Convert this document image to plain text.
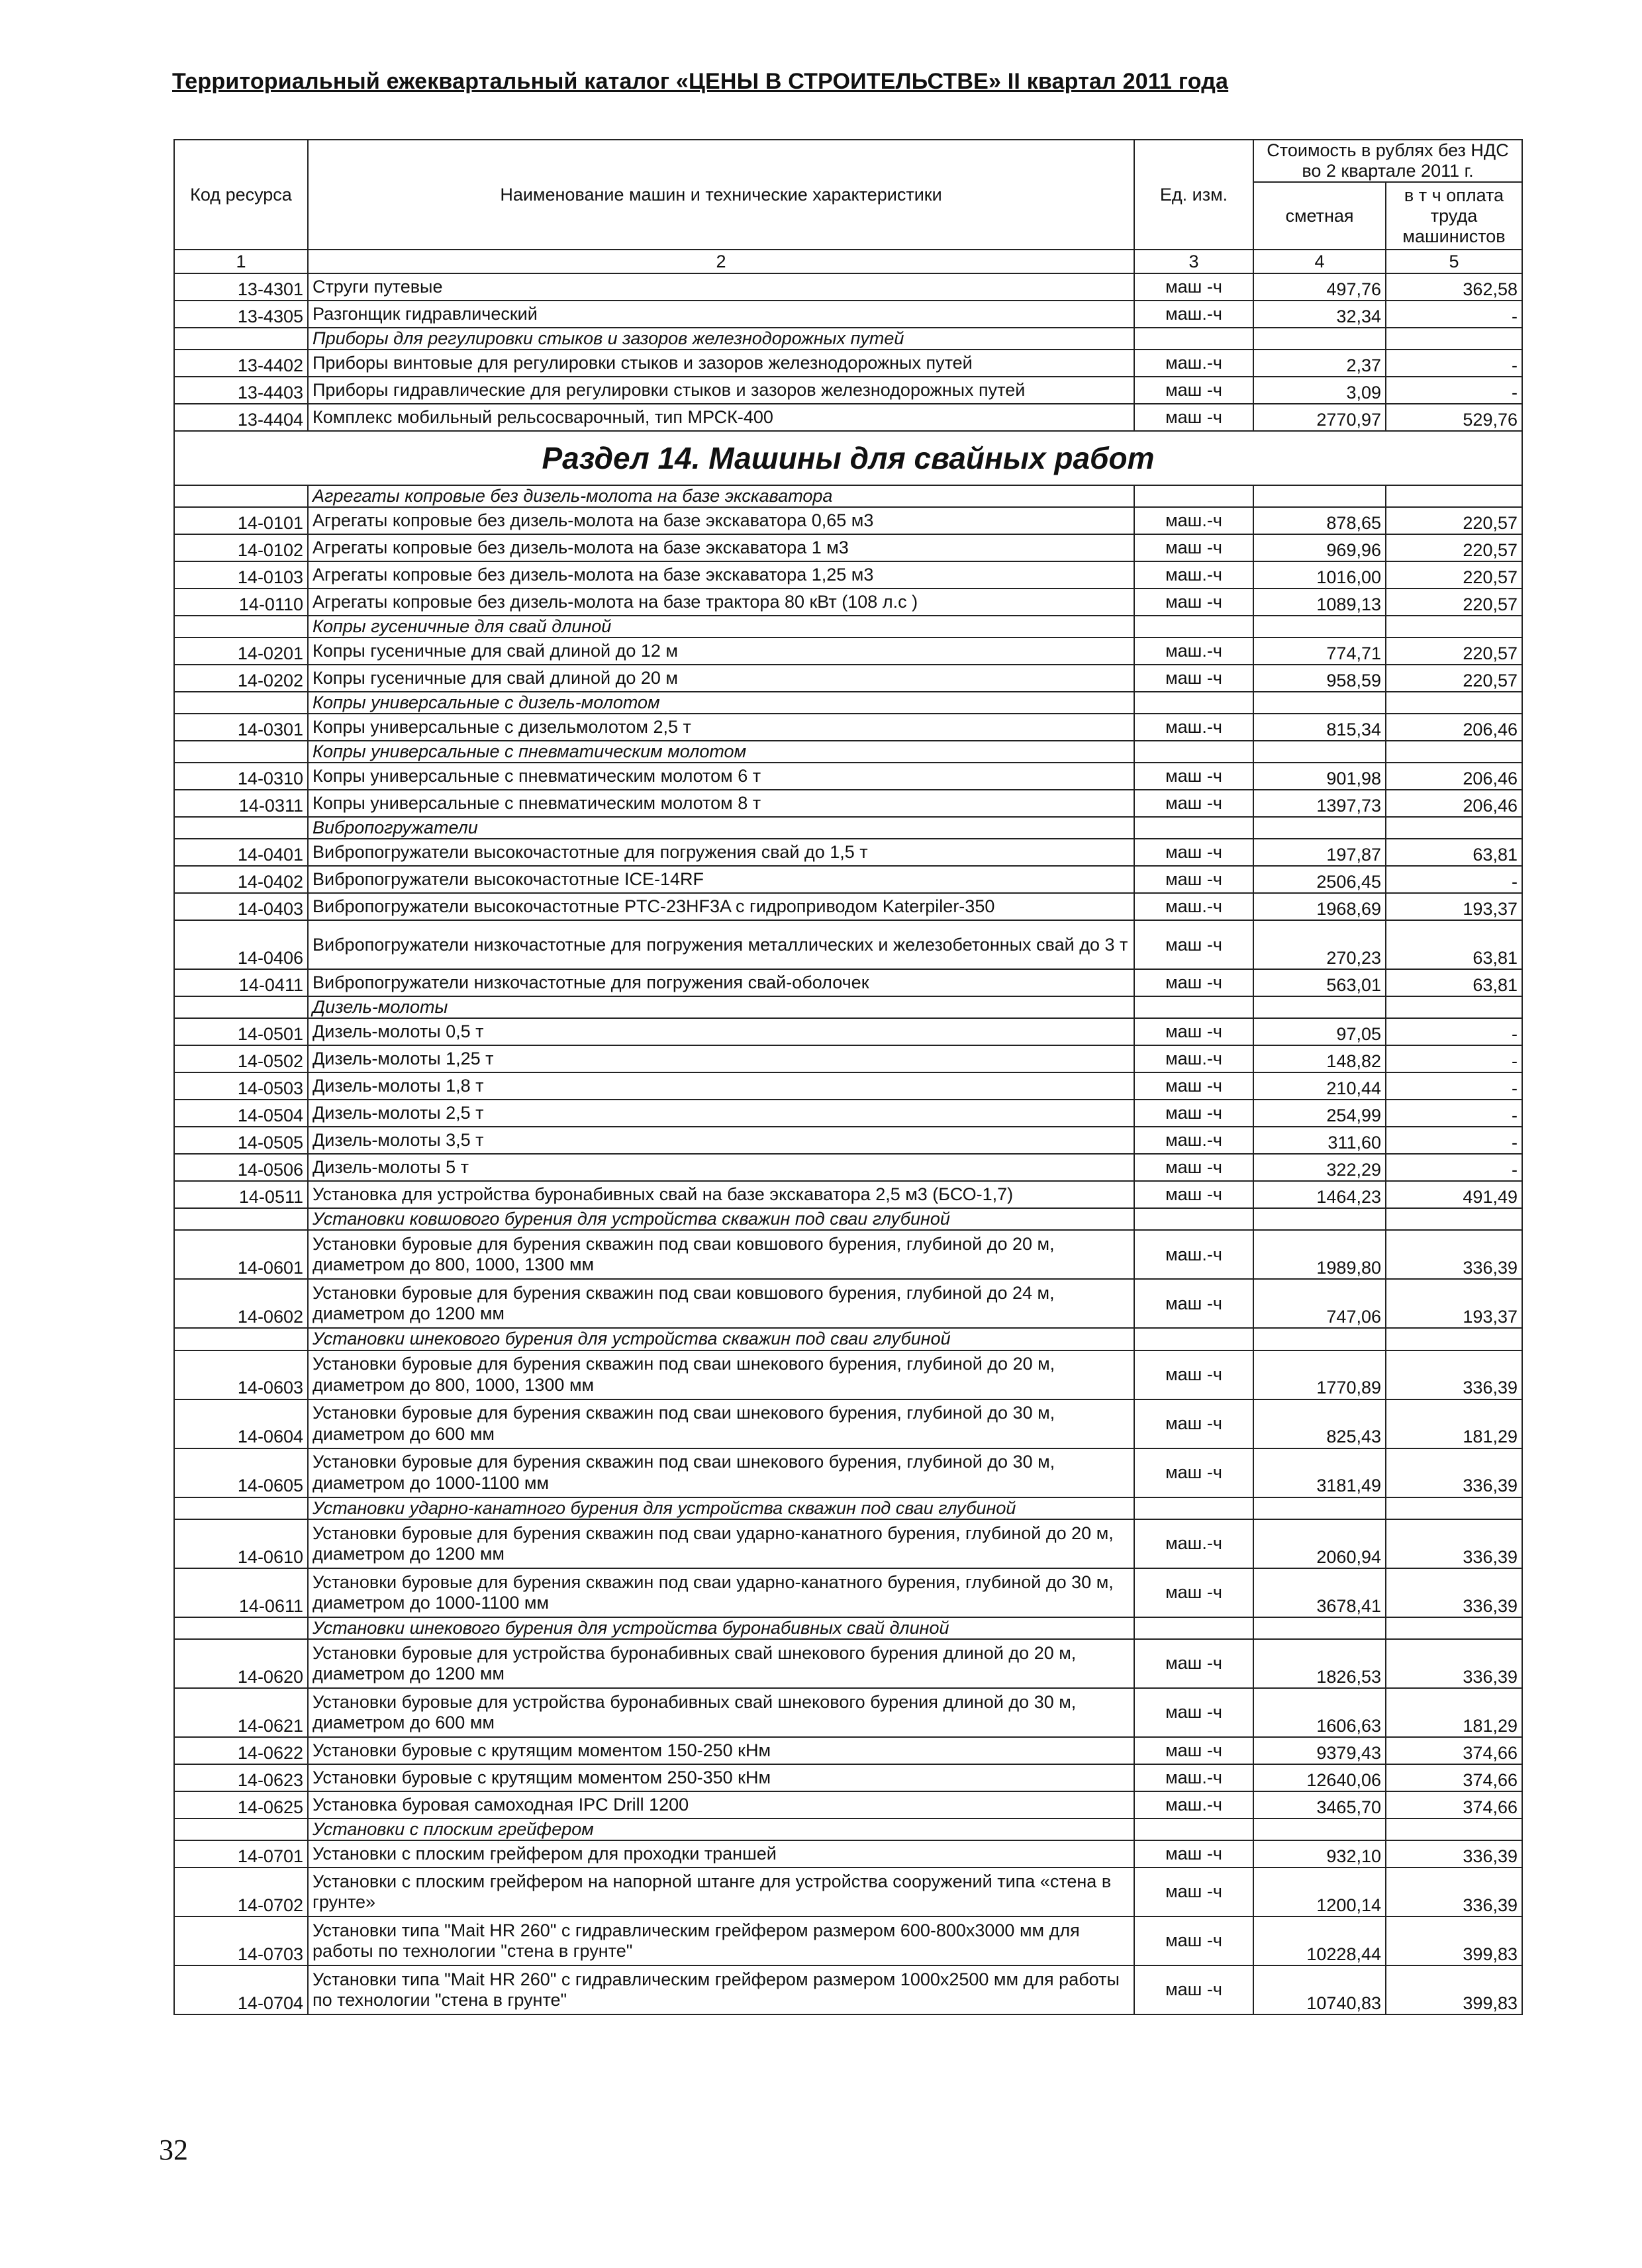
Территориальный ежеквартальный каталог «ЦЕНЫ В СТРОИТЕЛЬСТВЕ» II квартал 2011 года
Код ресурса	Наименование машин и технические характеристики	Ед. изм.	Стоимость в рублях без НДС во 2 квартале 2011 г.	
			сметная	в т ч оплата труда машинистов
1	2	3	4	5
13-4301	Струги путевые	маш -ч	497,76	362,58
13-4305	Разгонщик гидравлический	маш.-ч	32,34	-
	Приборы для регулировки стыков и зазоров железнодорожных путей			
13-4402	Приборы винтовые для регулировки стыков и зазоров железнодорожных путей	маш.-ч	2,37	-
13-4403	Приборы гидравлические для регулировки стыков и зазоров железнодорожных путей	маш -ч	3,09	-
13-4404	Комплекс мобильный рельсосварочный, тип МРСК-400	маш -ч	2770,97	529,76
Раздел 14. Машины для свайных работ				
	Агрегаты копровые без дизель-молота на базе экскаватора			
14-0101	Агрегаты копровые без дизель-молота на базе экскаватора 0,65 м3	маш.-ч	878,65	220,57
14-0102	Агрегаты копровые без дизель-молота на базе экскаватора 1 м3	маш -ч	969,96	220,57
14-0103	Агрегаты копровые без дизель-молота на базе экскаватора 1,25 м3	маш.-ч	1016,00	220,57
14-0110	Агрегаты копровые без дизель-молота на базе трактора 80 кВт (108 л.с )	маш -ч	1089,13	220,57
	Копры гусеничные для свай длиной			
14-0201	Копры гусеничные для свай длиной до 12 м	маш.-ч	774,71	220,57
14-0202	Копры гусеничные для свай длиной до 20 м	маш -ч	958,59	220,57
	Копры универсальные с дизель-молотом			
14-0301	Копры универсальные с дизельмолотом 2,5 т	маш.-ч	815,34	206,46
	Копры универсальные с пневматическим молотом			
14-0310	Копры универсальные с пневматическим молотом 6 т	маш -ч	901,98	206,46
14-0311	Копры универсальные с пневматическим молотом 8 т	маш -ч	1397,73	206,46
	Вибропогружатели			
14-0401	Вибропогружатели высокочастотные для погружения свай до 1,5 т	маш -ч	197,87	63,81
14-0402	Вибропогружатели высокочастотные ICE-14RF	маш -ч	2506,45	-
14-0403	Вибропогружатели высокочастотные PTC-23HF3A с гидроприводом Katerpiler-350	маш.-ч	1968,69	193,37
14-0406	Вибропогружатели низкочастотные для погружения металлических и железобетонных свай до 3 т	маш -ч	270,23	63,81
14-0411	Вибропогружатели низкочастотные для погружения свай-оболочек	маш -ч	563,01	63,81
	Дизель-молоты			
14-0501	Дизель-молоты 0,5 т	маш -ч	97,05	-
14-0502	Дизель-молоты 1,25 т	маш.-ч	148,82	-
14-0503	Дизель-молоты 1,8 т	маш -ч	210,44	-
14-0504	Дизель-молоты 2,5 т	маш -ч	254,99	-
14-0505	Дизель-молоты 3,5 т	маш.-ч	311,60	-
14-0506	Дизель-молоты 5 т	маш -ч	322,29	-
14-0511	Установка для устройства буронабивных свай на базе экскаватора 2,5 м3 (БСО-1,7)	маш -ч	1464,23	491,49
	Установки ковшового бурения для устройства скважин под сваи глубиной			
14-0601	Установки буровые для бурения скважин под сваи ковшового бурения, глубиной до 20 м, диаметром до 800, 1000, 1300 мм	маш.-ч	1989,80	336,39
14-0602	Установки буровые для бурения скважин под сваи ковшового бурения, глубиной до 24 м, диаметром до 1200 мм	маш -ч	747,06	193,37
	Установки шнекового бурения для устройства скважин под сваи глубиной			
14-0603	Установки буровые для бурения скважин под сваи шнекового бурения, глубиной до 20 м, диаметром до 800, 1000, 1300 мм	маш -ч	1770,89	336,39
14-0604	Установки буровые для бурения скважин под сваи шнекового бурения, глубиной до 30 м, диаметром до 600 мм	маш -ч	825,43	181,29
14-0605	Установки буровые для бурения скважин под сваи шнекового бурения, глубиной до 30 м, диаметром до 1000-1100 мм	маш -ч	3181,49	336,39
	Установки ударно-канатного бурения для устройства скважин под сваи глубиной			
14-0610	Установки буровые для бурения скважин под сваи ударно-канатного бурения, глубиной до 20 м, диаметром до 1200 мм	маш.-ч	2060,94	336,39
14-0611	Установки буровые для бурения скважин под сваи ударно-канатного бурения, глубиной до 30 м, диаметром до 1000-1100 мм	маш -ч	3678,41	336,39
	Установки шнекового бурения для устройства буронабивных свай длиной			
14-0620	Установки буровые для устройства буронабивных свай шнекового бурения длиной до 20 м, диаметром до 1200 мм	маш -ч	1826,53	336,39
14-0621	Установки буровые для устройства буронабивных свай шнекового бурения длиной до 30 м, диаметром до 600 мм	маш -ч	1606,63	181,29
14-0622	Установки буровые с крутящим моментом 150-250 кНм	маш -ч	9379,43	374,66
14-0623	Установки буровые с крутящим моментом 250-350 кНм	маш.-ч	12640,06	374,66
14-0625	Установка буровая самоходная IPC Drill 1200	маш.-ч	3465,70	374,66
	Установки с плоским грейфером			
14-0701	Установки с плоским грейфером для проходки траншей	маш -ч	932,10	336,39
14-0702	Установки с плоским грейфером на напорной штанге для устройства сооружений типа «стена в грунте»	маш -ч	1200,14	336,39
14-0703	Установки типа "Mait HR 260" с гидравлическим грейфером размером 600-800х3000 мм для работы по технологии "стена в грунте"	маш -ч	10228,44	399,83
14-0704	Установки типа "Mait HR 260" с гидравлическим грейфером размером 1000х2500 мм для работы по технологии "стена в грунте"	маш -ч	10740,83	399,83
32
